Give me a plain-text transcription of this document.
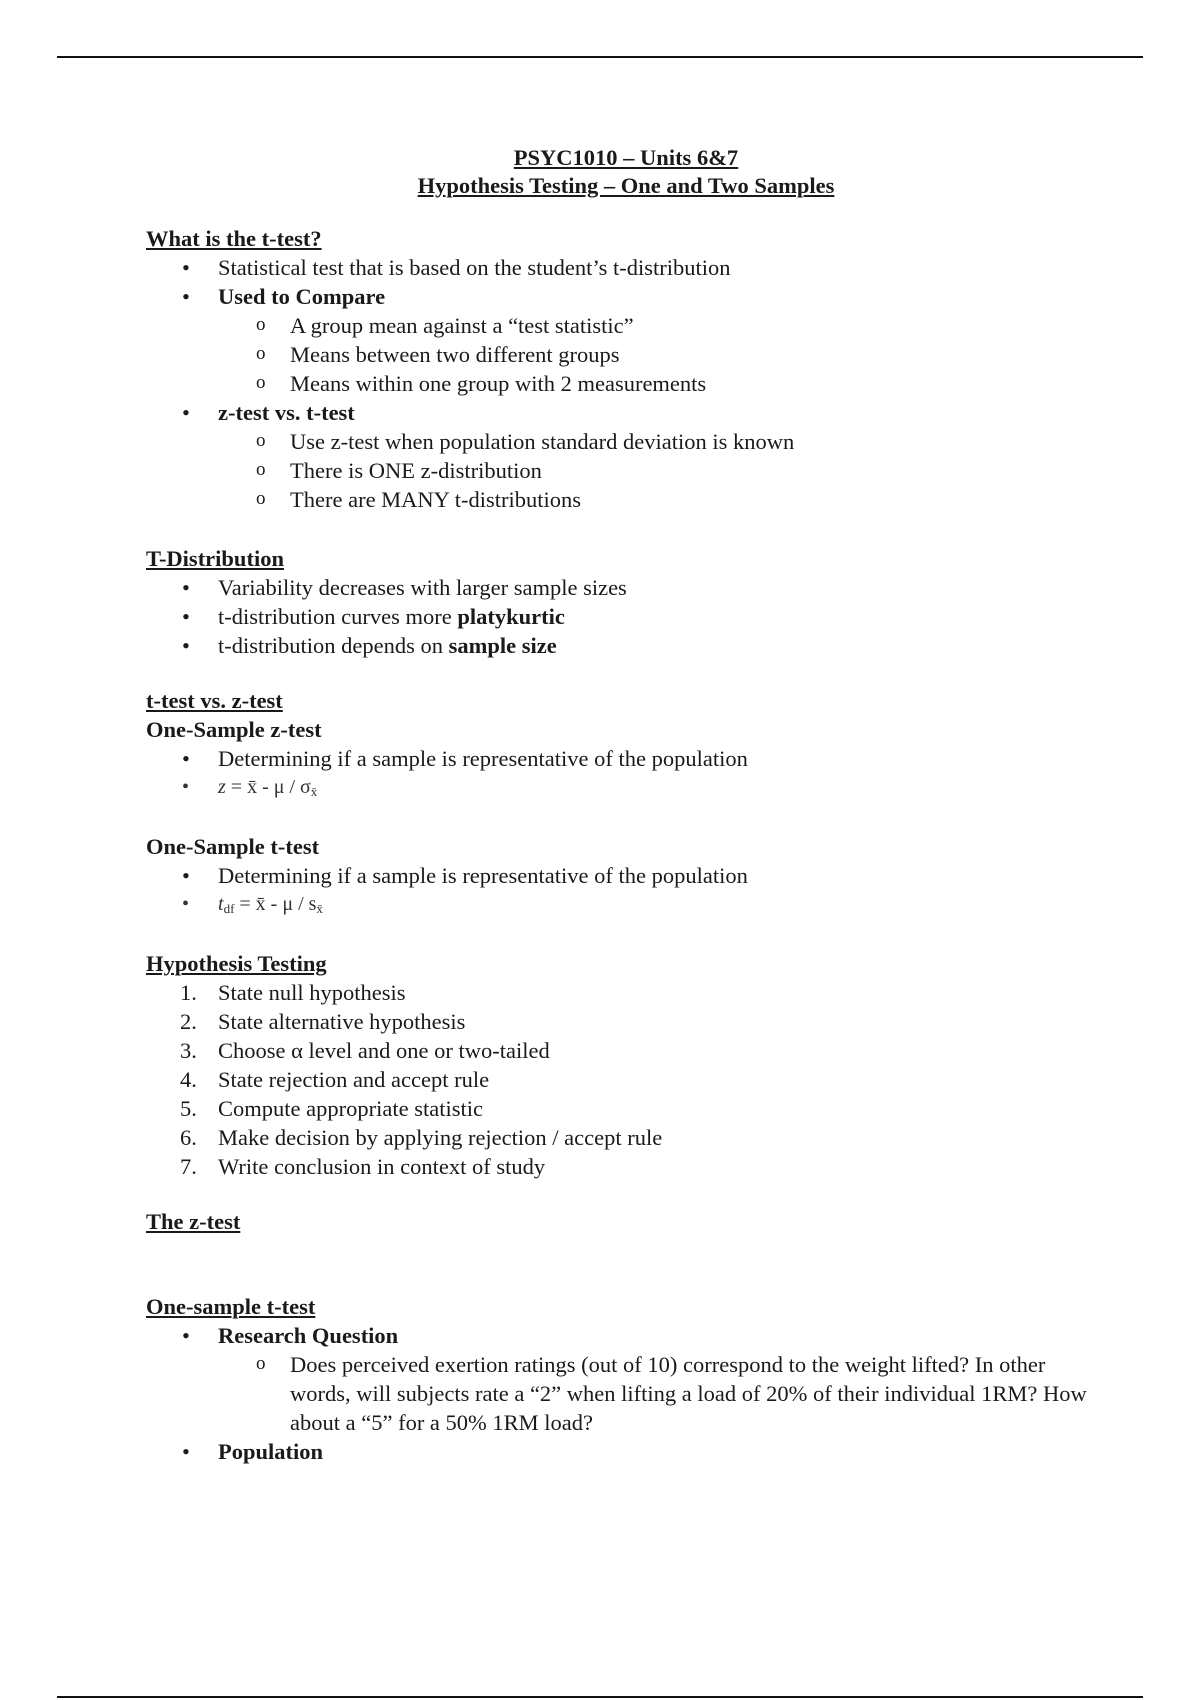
PSYC1010 – Units 6&7
Hypothesis Testing – One and Two Samples
What is the t-test?
• Statistical test that is based on the student’s t-distribution
• Used to Compare
o A group mean against a “test statistic”
o Means between two different groups
o Means within one group with 2 measurements
• z-test vs. t-test
o Use z-test when population standard deviation is known
o There is ONE z-distribution
o There are MANY t-distributions
T-Distribution
• Variability decreases with larger sample sizes
• t-distribution curves more platykurtic
• t-distribution depends on sample size
t-test vs. z-test
One-Sample z-test
• Determining if a sample is representative of the population
• z = x̄ - μ / $\sigma_{x̄}$
One-Sample t-test
• Determining if a sample is representative of the population
• $t_{df}$ = x̄ - μ / $s_{x̄}$
Hypothesis Testing
1. State null hypothesis
2. State alternative hypothesis
3. Choose α level and one or two-tailed
4. State rejection and accept rule
5. Compute appropriate statistic
6. Make decision by applying rejection / accept rule
7. Write conclusion in context of study
The z-test
One-sample t-test
• Research Question
o Does perceived exertion ratings (out of 10) correspond to the weight lifted? In other words, will subjects rate a “2” when lifting a load of 20% of their individual 1RM? How about a “5” for a 50% 1RM load?
• Population
